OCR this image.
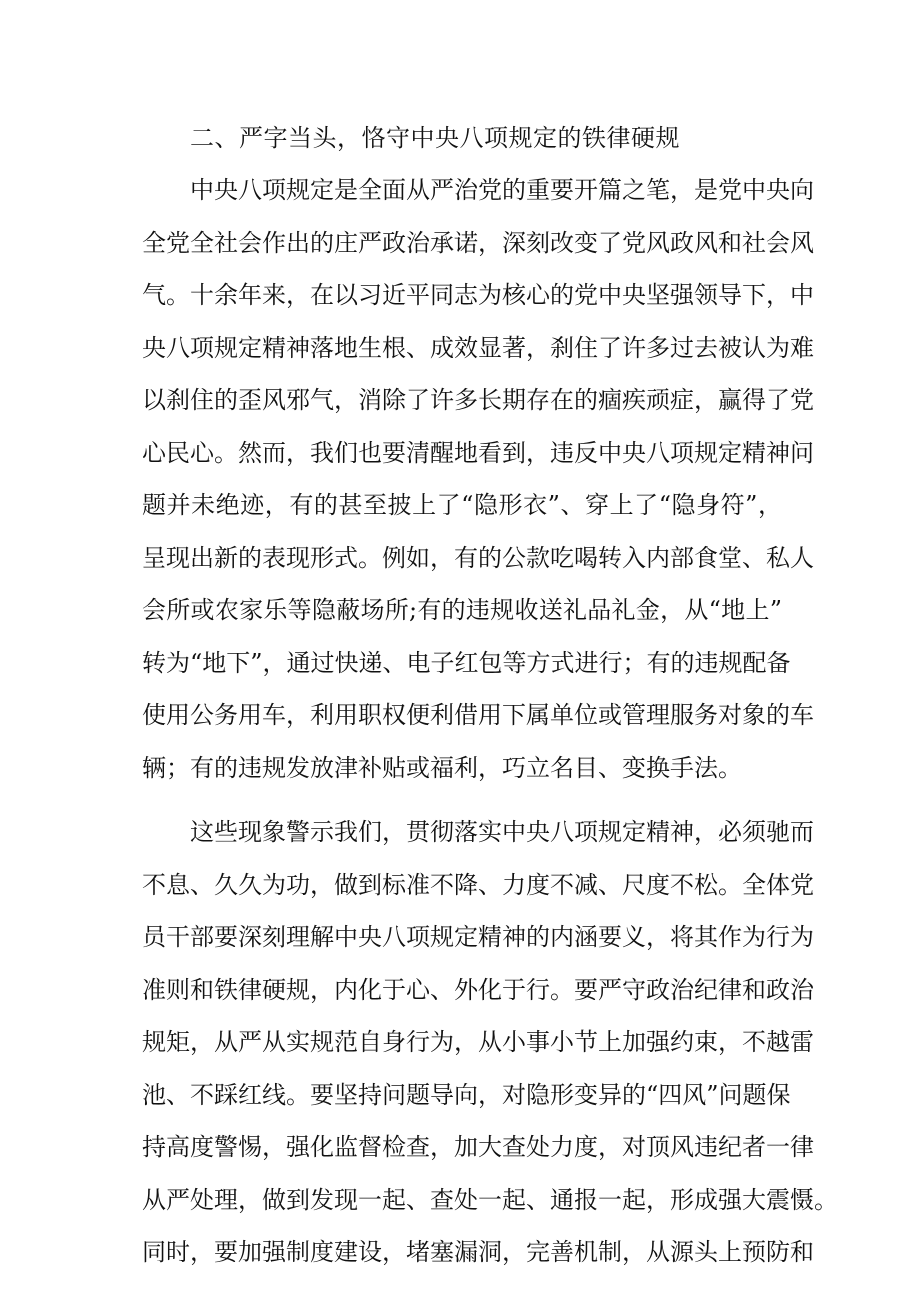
二、严字当头，恪守中央八项规定的铁律硬规

中央八项规定是全面从严治党的重要开篇之笔，是党中央向
全党全社会作出的庄严政治承诺，深刻改变了党风政风和社会风
气。十余年来，在以习近平同志为核心的党中央坚强领导下，中
央八项规定精神落地生根、成效显著，刹住了许多过去被认为难
以刹住的歪风邪气，消除了许多长期存在的痼疾顽症，赢得了党
心民心。然而，我们也要清醒地看到，违反中央八项规定精神问
题并未绝迹，有的甚至披上了“隐形衣”、穿上了“隐身符”，
呈现出新的表现形式。例如，有的公款吃喝转入内部食堂、私人
会所或农家乐等隐蔽场所;有的违规收送礼品礼金，从“地上”
转为“地下”，通过快递、电子红包等方式进行；有的违规配备
使用公务用车，利用职权便利借用下属单位或管理服务对象的车
辆；有的违规发放津补贴或福利，巧立名目、变换手法。

这些现象警示我们，贯彻落实中央八项规定精神，必须驰而
不息、久久为功，做到标准不降、力度不减、尺度不松。全体党
员干部要深刻理解中央八项规定精神的内涵要义，将其作为行为
准则和铁律硬规，内化于心、外化于行。要严守政治纪律和政治
规矩，从严从实规范自身行为，从小事小节上加强约束，不越雷
池、不踩红线。要坚持问题导向，对隐形变异的“四风”问题保
持高度警惕，强化监督检查，加大查处力度，对顶风违纪者一律
从严处理，做到发现一起、查处一起、通报一起，形成强大震慑。
同时，要加强制度建设，堵塞漏洞，完善机制，从源头上预防和
